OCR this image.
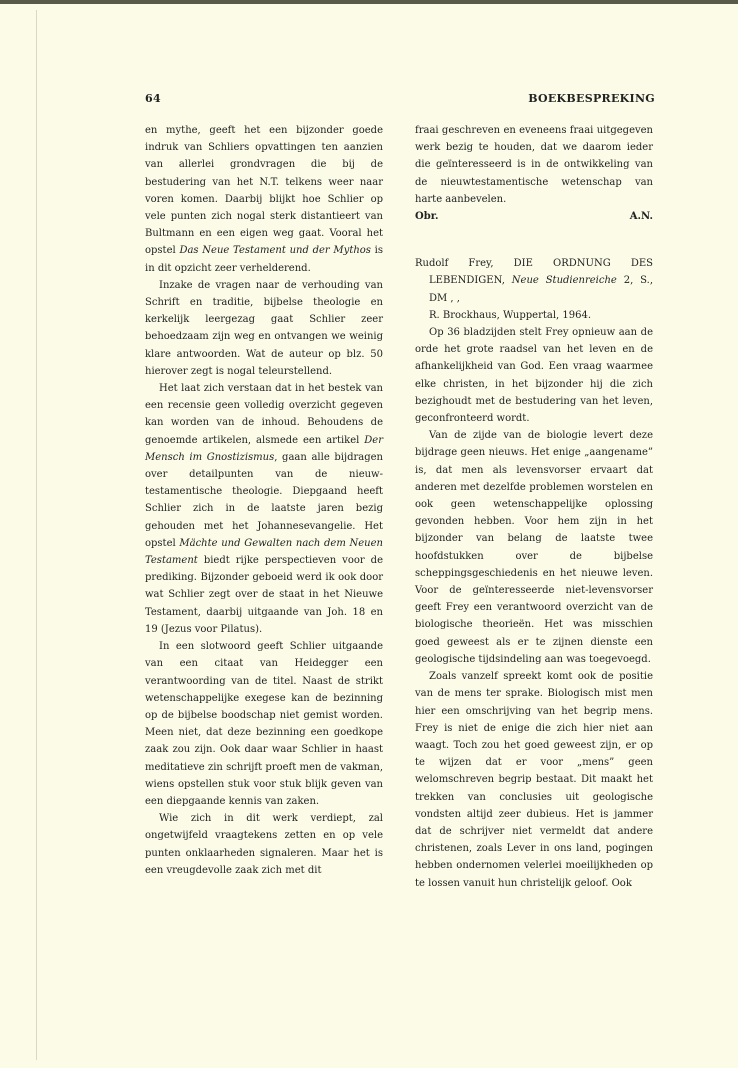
64	BOEKBESPREKING

en mythe, geeft het een bijzonder goede indruk van Schliers opvattingen ten aanzien van allerlei grondvragen die bij de bestudering van het N.T. telkens weer naar voren komen. Daarbij blijkt hoe Schlier op vele punten zich nogal sterk distantieert van Bultmann en een eigen weg gaat. Vooral het opstel Das Neue Testament und der Mythos is in dit opzicht zeer verhelderend.

Inzake de vragen naar de verhouding van Schrift en traditie, bijbelse theologie en kerkelijk leergezag gaat Schlier zeer behoedzaam zijn weg en ontvangen we weinig klare antwoorden. Wat de auteur op blz. 50 hierover zegt is nogal teleurstellend.

Het laat zich verstaan dat in het bestek van een recensie geen volledig overzicht gegeven kan worden van de inhoud. Behoudens de genoemde artikelen, alsmede een artikel Der Mensch im Gnostizismus, gaan alle bijdragen over detailpunten van de nieuw-testamentische theologie. Diepgaand heeft Schlier zich in de laatste jaren bezig gehouden met het Johannesevangelie. Het opstel Mächte und Gewalten nach dem Neuen Testament biedt rijke perspectieven voor de prediking. Bijzonder geboeid werd ik ook door wat Schlier zegt over de staat in het Nieuwe Testament, daarbij uitgaande van Joh. 18 en 19 (Jezus voor Pilatus).

In een slotwoord geeft Schlier uitgaande van een citaat van Heidegger een verantwoording van de titel. Naast de strikt wetenschappelijke exegese kan de bezinning op de bijbelse boodschap niet gemist worden. Meen niet, dat deze bezinning een goedkope zaak zou zijn. Ook daar waar Schlier in haast meditatieve zin schrijft proeft men de vakman, wiens opstellen stuk voor stuk blijk geven van een diepgaande kennis van zaken.

Wie zich in dit werk verdiept, zal ongetwijfeld vraagtekens zetten en op vele punten onklaarheden signaleren. Maar het is een vreugdevolle zaak zich met dit

fraai geschreven en eveneens fraai uitgegeven werk bezig te houden, dat we daarom ieder die geïnteresseerd is in de ontwikkeling van de nieuwtestamentische wetenschap van harte aanbevelen.

Obr.	A.N.

Rudolf Frey, DIE ORDNUNG DES LEBENDIGEN, Neue Studienreiche 2, S., DM , ,
R. Brockhaus, Wuppertal, 1964.

Op 36 bladzijden stelt Frey opnieuw aan de orde het grote raadsel van het leven en de afhankelijkheid van God. Een vraag waarmee elke christen, in het bijzonder hij die zich bezighoudt met de bestudering van het leven, geconfronteerd wordt.

Van de zijde van de biologie levert deze bijdrage geen nieuws. Het enige „aangename” is, dat men als levensvorser ervaart dat anderen met dezelfde problemen worstelen en ook geen wetenschappelijke oplossing gevonden hebben. Voor hem zijn in het bijzonder van belang de laatste twee hoofdstukken over de bijbelse scheppingsgeschiedenis en het nieuwe leven. Voor de geïnteresseerde niet-levensvorser geeft Frey een verantwoord overzicht van de biologische theorieën. Het was misschien goed geweest als er te zijnen dienste een geologische tijdsindeling aan was toegevoegd.

Zoals vanzelf spreekt komt ook de positie van de mens ter sprake. Biologisch mist men hier een omschrijving van het begrip mens. Frey is niet de enige die zich hier niet aan waagt. Toch zou het goed geweest zijn, er op te wijzen dat er voor „mens” geen welomschreven begrip bestaat. Dit maakt het trekken van conclusies uit geologische vondsten altijd zeer dubieus. Het is jammer dat de schrijver niet vermeldt dat andere christenen, zoals Lever in ons land, pogingen hebben ondernomen velerlei moeilijkheden op te lossen vanuit hun christelijk geloof. Ook
